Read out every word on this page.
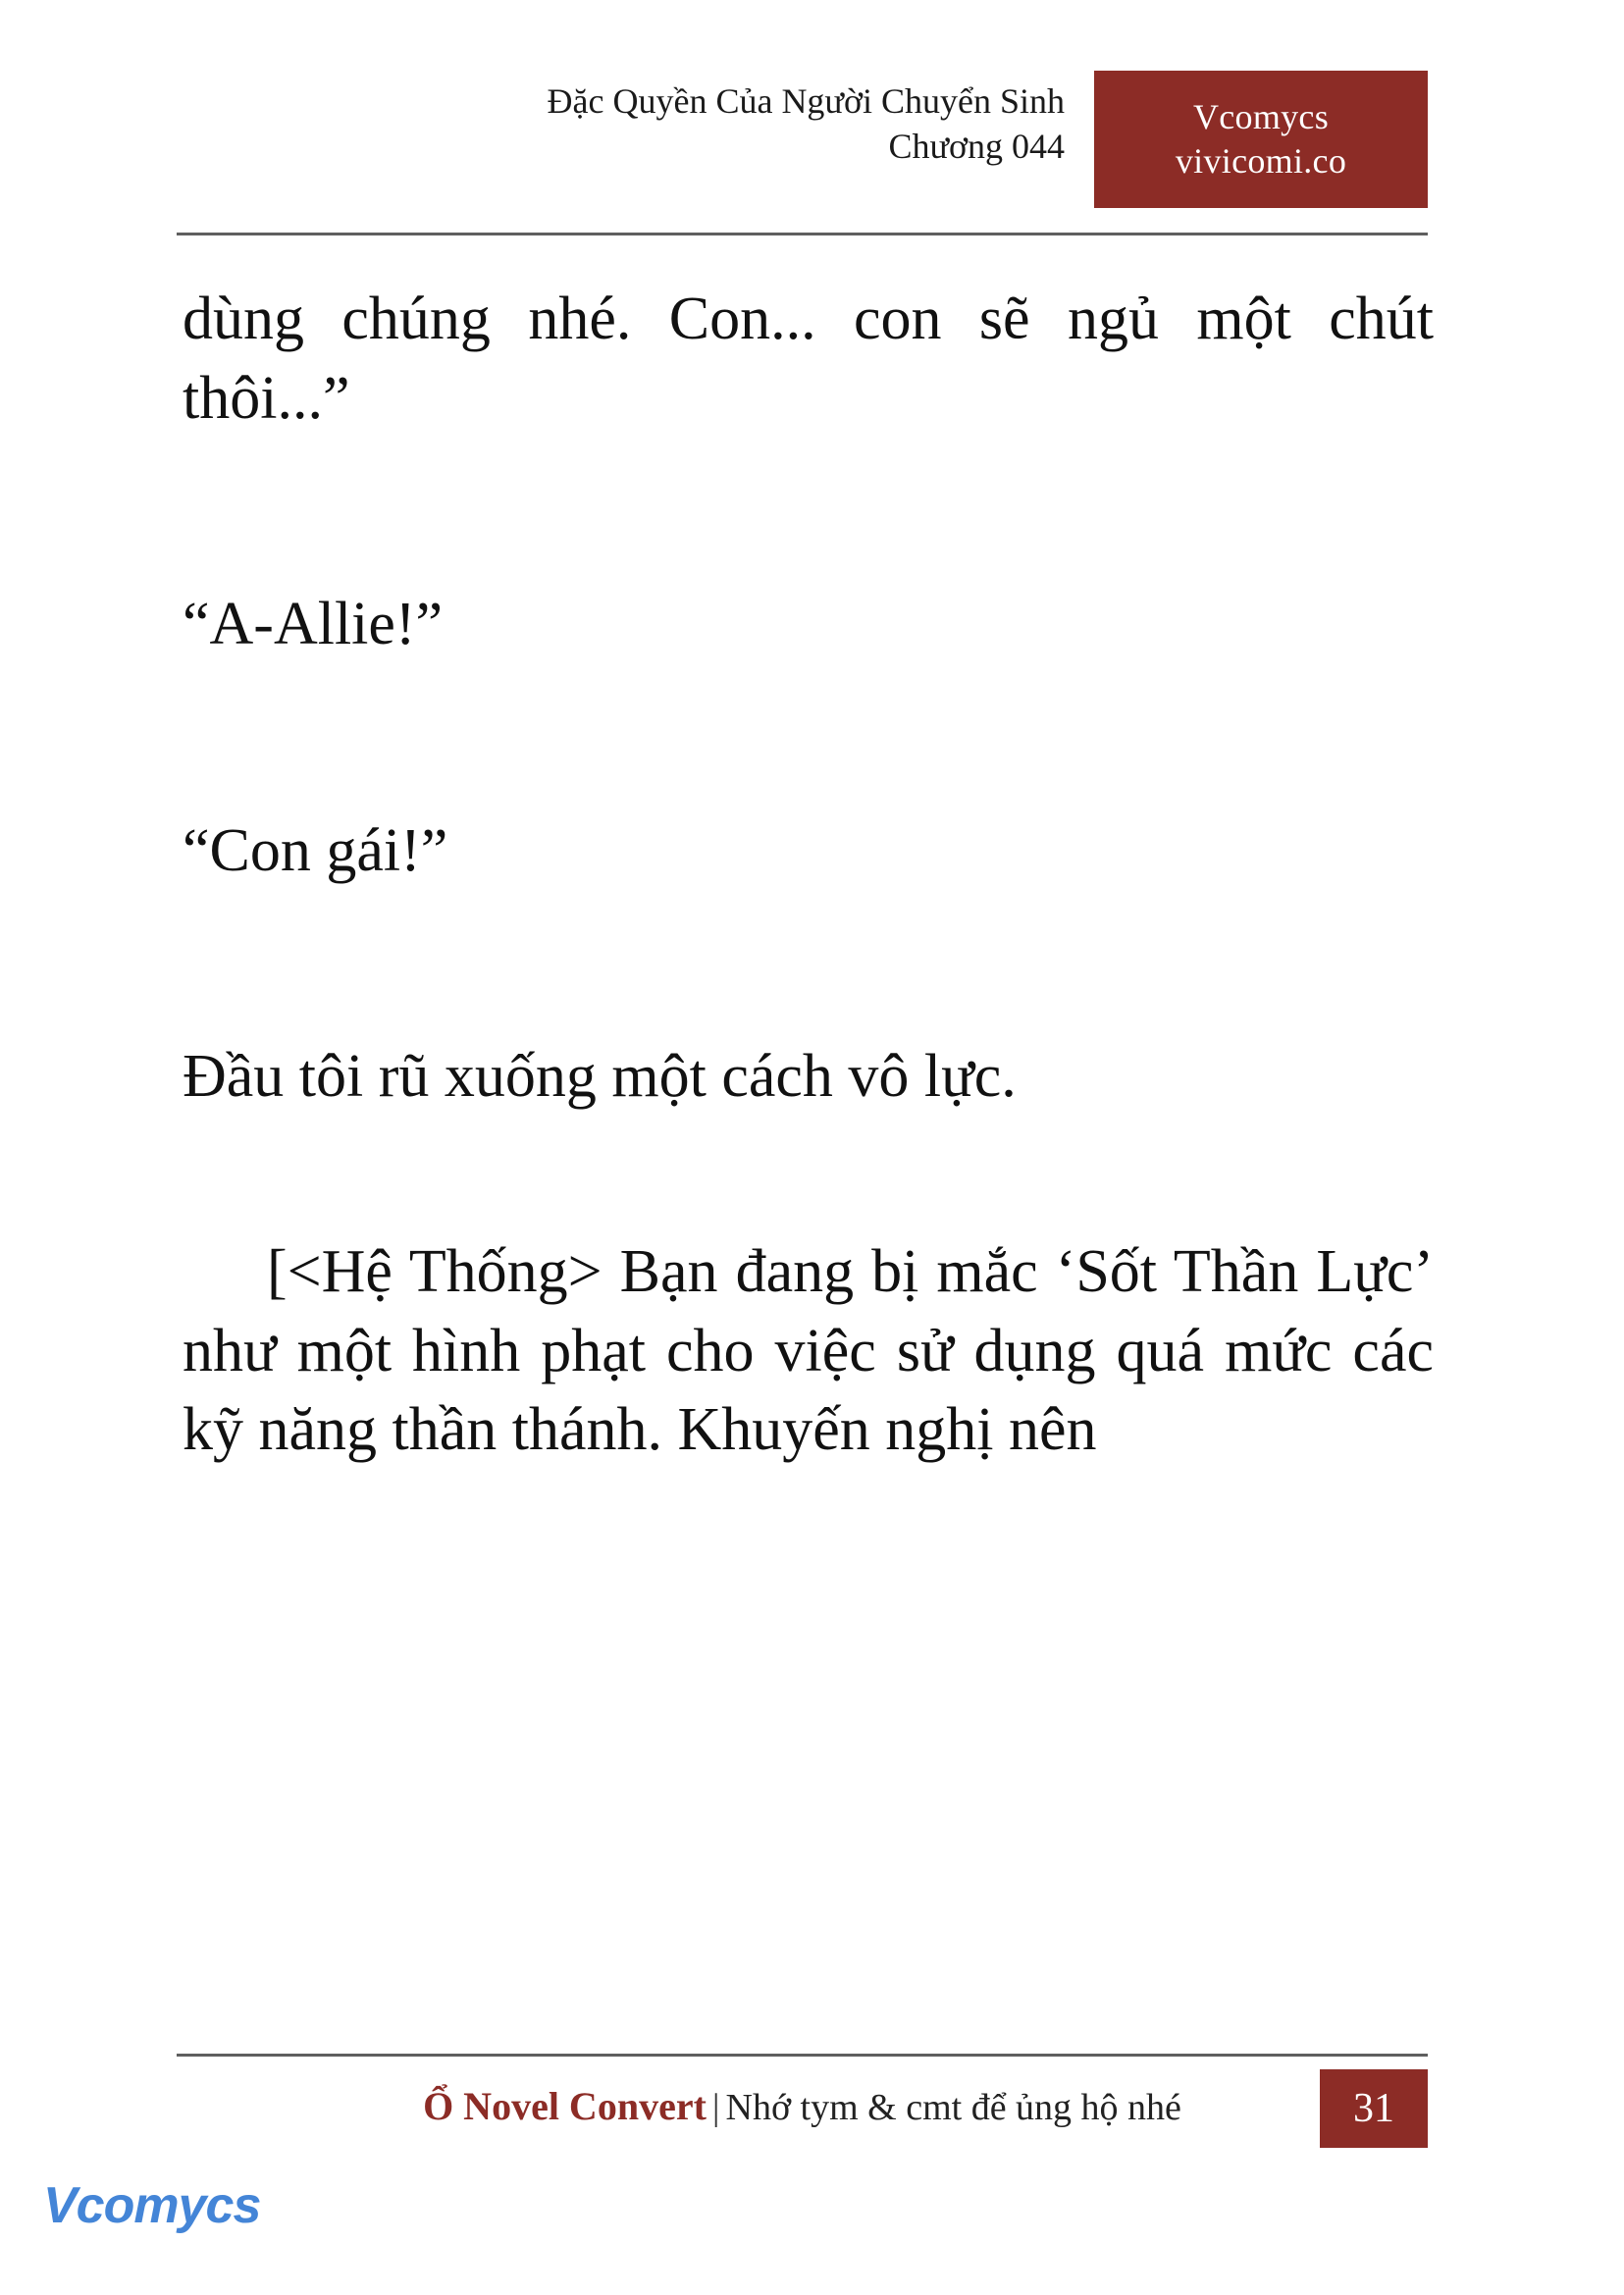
Đặc Quyền Của Người Chuyển Sinh
Chương 044
Vcomycs
vivicomi.co

dùng chúng nhé. Con... con sẽ ngủ một chút thôi...”

“A-Allie!”

“Con gái!”

Đầu tôi rũ xuống một cách vô lực.

[<Hệ Thống> Bạn đang bị mắc ‘Sốt Thần Lực’ như một hình phạt cho việc sử dụng quá mức các kỹ năng thần thánh. Khuyến nghị nên

Ổ Novel Convert | Nhớ tym & cmt để ủng hộ nhé	31
Vcomycs
